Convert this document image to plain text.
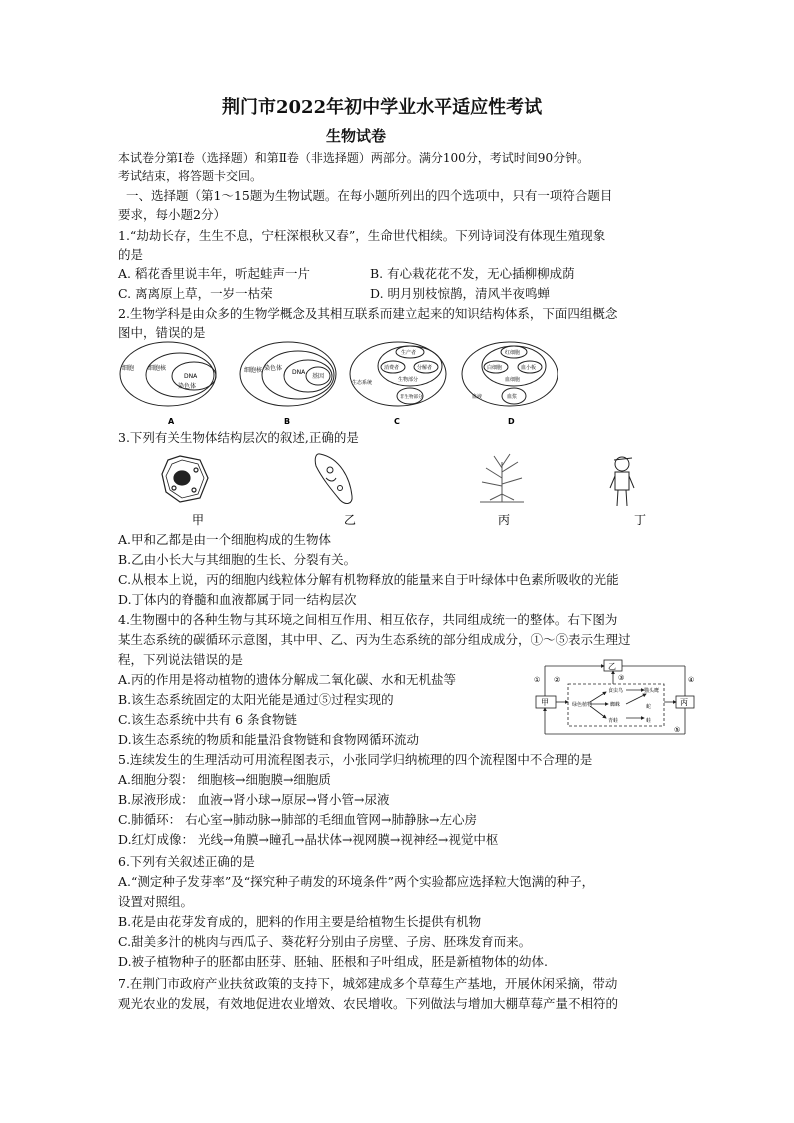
荆门市2022年初中学业水平适应性考试
生物试卷
本试卷分第Ⅰ卷（选择题）和第Ⅱ卷（非选择题）两部分。满分100分，考试时间90分钟。
考试结束，将答题卡交回。
一、选择题（第1～15题为生物试题。在每小题所列出的四个选项中，只有一项符合题目
要求，每小题2分）
1.“劫劫长存，生生不息，宁枉深根秋又春”，生命世代相续。下列诗词没有体现生殖现象
的是
A. 稻花香里说丰年，听起蛙声一片	B. 有心栽花花不发，无心插柳柳成荫
C. 离离原上草，一岁一枯荣	D. 明月别枝惊鹊，清风半夜鸣蝉
2.生物学科是由众多的生物学概念及其相互联系而建立起来的知识结构体系，下面四组概念
图中，错误的是
细胞 细胞核
DNA
染色体
A
细胞核 染色体
DNA
基因
B
生产者
消费者	分解者
生物部分
生态系统
非生物部分
C
红细胞
白细胞	血小板
血细胞
血液	血浆
D
3.下列有关生物体结构层次的叙述,正确的是
甲	乙	丙	丁
A.甲和乙都是由一个细胞构成的生物体
B.乙由小长大与其细胞的生长、分裂有关。
C.从根本上说，丙的细胞内线粒体分解有机物释放的能量来自于叶绿体中色素所吸收的光能
D.丁体内的脊髓和血液都属于同一结构层次
4.生物圈中的各种生物与其环境之间相互作用、相互依存，共同组成统一的整体。右下图为
某生态系统的碳循环示意图，其中甲、乙、丙为生态系统的部分组成成分，①～⑤表示生理过
程，下列说法错误的是
A.丙的作用是将动植物的遗体分解成二氧化碳、水和无机盐等
B.该生态系统固定的太阳光能是通过⑤过程实现的
C.该生态系统中共有 6 条食物链
D.该生态系统的物质和能量沿食物链和食物网循环流动
乙
甲	丙
① ②	③	④
⑤
食虫鸟	猫头鹰
蛙
绿色植物	蜘蛛
青蛙
蛇
5.连续发生的生理活动可用流程图表示，小张同学归纳梳理的四个流程图中不合理的是
A.细胞分裂： 细胞核→细胞膜→细胞质
B.尿液形成： 血液→肾小球→原尿→肾小管→尿液
C.肺循环： 右心室→肺动脉→肺部的毛细血管网→肺静脉→左心房
D.红灯成像： 光线→角膜→瞳孔→晶状体→视网膜→视神经→视觉中枢
6.下列有关叙述正确的是
A.“测定种子发芽率”及“探究种子萌发的环境条件”两个实验都应选择粒大饱满的种子，
设置对照组。
B.花是由花芽发育成的，肥料的作用主要是给植物生长提供有机物
C.甜美多汁的桃肉与西瓜子、葵花籽分别由子房壁、子房、胚珠发育而来。
D.被子植物种子的胚都由胚芽、胚轴、胚根和子叶组成，胚是新植物体的幼体.
7.在荆门市政府产业扶贫政策的支持下，城郊建成多个草莓生产基地，开展休闲采摘，带动
观光农业的发展，有效地促进农业增效、农民增收。下列做法与增加大棚草莓产量不相符的
